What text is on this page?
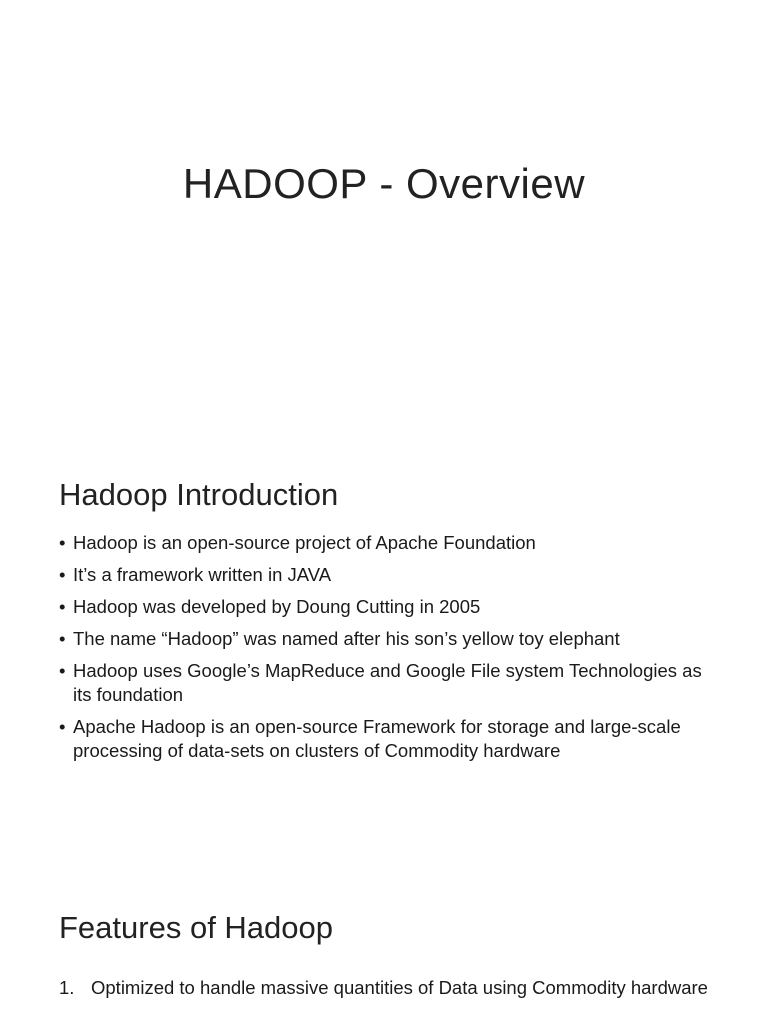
HADOOP - Overview
Hadoop Introduction
• Hadoop is an open-source project of Apache Foundation
• It’s a framework written in JAVA
• Hadoop was developed by Doung Cutting in 2005
• The name “Hadoop” was named after his son’s yellow toy elephant
• Hadoop uses Google’s MapReduce and Google File system Technologies as its foundation
• Apache Hadoop is an open-source Framework for storage and large-scale processing of data-sets on clusters of Commodity hardware
Features of Hadoop
1. Optimized to handle massive quantities of Data using Commodity hardware
